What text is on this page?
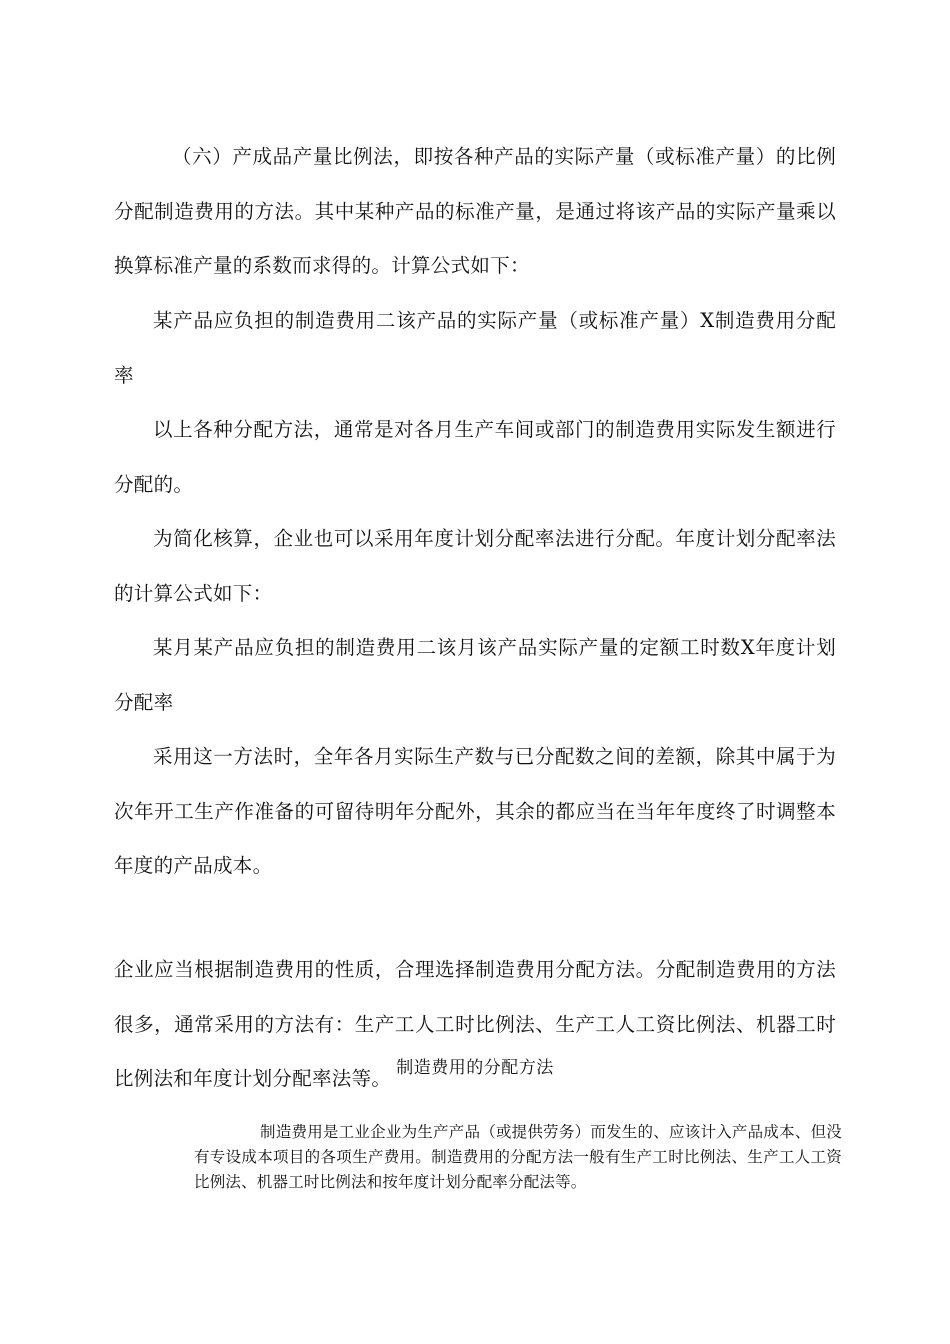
（六）产成品产量比例法，即按各种产品的实际产量（或标准产量）的比例分配制造费用的方法。其中某种产品的标准产量，是通过将该产品的实际产量乘以换算标准产量的系数而求得的。计算公式如下：

某产品应负担的制造费用二该产品的实际产量（或标准产量）X制造费用分配率

以上各种分配方法，通常是对各月生产车间或部门的制造费用实际发生额进行分配的。

为简化核算，企业也可以采用年度计划分配率法进行分配。年度计划分配率法的计算公式如下：

某月某产品应负担的制造费用二该月该产品实际产量的定额工时数X年度计划分配率

采用这一方法时，全年各月实际生产数与已分配数之间的差额，除其中属于为次年开工生产作准备的可留待明年分配外，其余的都应当在当年年度终了时调整本年度的产品成本。

企业应当根据制造费用的性质，合理选择制造费用分配方法。分配制造费用的方法很多，通常采用的方法有：生产工人工时比例法、生产工人工资比例法、机器工时比例法和年度计划分配率法等。 制造费用的分配方法

制造费用是工业企业为生产产品（或提供劳务）而发生的、应该计入产品成本、但没有专设成本项目的各项生产费用。制造费用的分配方法一般有生产工时比例法、生产工人工资比例法、机器工时比例法和按年度计划分配率分配法等。
